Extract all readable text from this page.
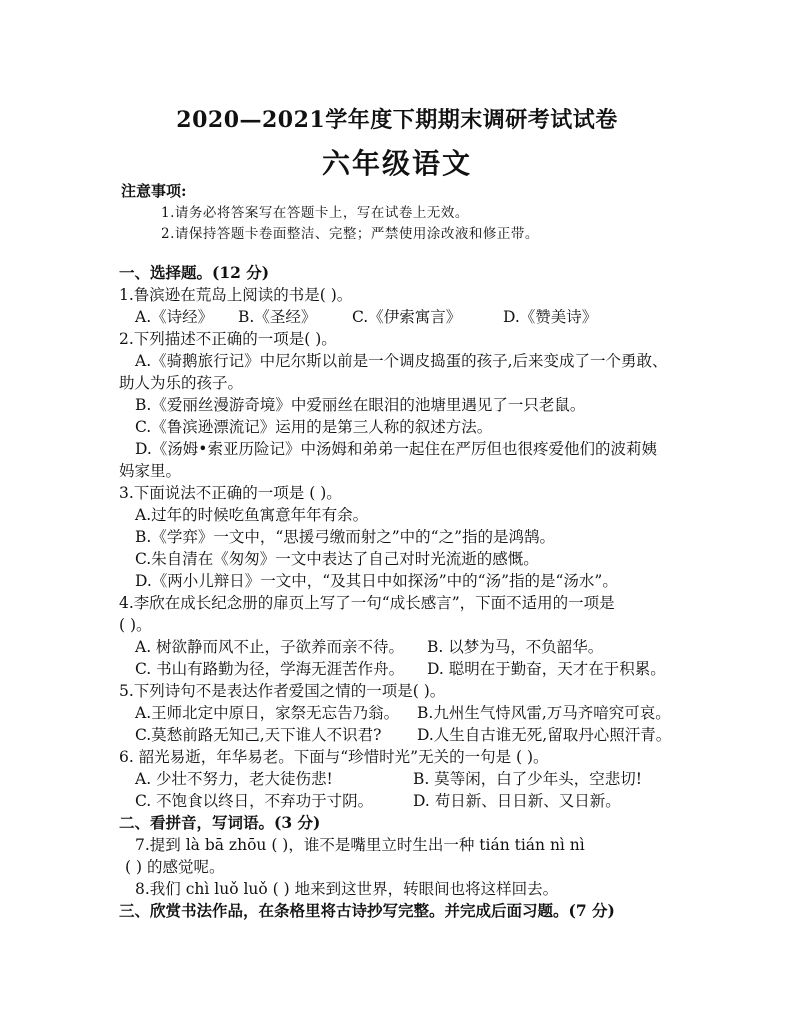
2020—2021学年度下期期末调研考试试卷
六年级语文
注意事项:
1.请务必将答案写在答题卡上，写在试卷上无效。
2.请保持答题卡卷面整洁、完整；严禁使用涂改液和修正带。
一、选择题。(12 分)
1.鲁滨逊在荒岛上阅读的书是( )。
A.《诗经》 B.《圣经》 C.《伊索寓言》	D.《赞美诗》
2.下列描述不正确的一项是( )。
A.《骑鹅旅行记》中尼尔斯以前是一个调皮捣蛋的孩子,后来变成了一个勇敢、
助人为乐的孩子。
B.《爱丽丝漫游奇境》中爱丽丝在眼泪的池塘里遇见了一只老鼠。
C.《鲁滨逊漂流记》运用的是第三人称的叙述方法。
D.《汤姆•索亚历险记》中汤姆和弟弟一起住在严厉但也很疼爱他们的波莉姨
妈家里。
3.下面说法不正确的一项是 ( )。
A.过年的时候吃鱼寓意年年有余。
B.《学弈》一文中，“思援弓缴而射之”中的“之”指的是鸿鹄。
C.朱自清在《匆匆》一文中表达了自己对时光流逝的感慨。
D.《两小儿辩日》一文中，“及其日中如探汤”中的“汤”指的是“汤水”。
4.李欣在成长纪念册的扉页上写了一句“成长感言”，下面不适用的一项是
( )。
A. 树欲静而风不止，子欲养而亲不待。 B. 以梦为马，不负韶华。
C. 书山有路勤为径，学海无涯苦作舟。 D. 聪明在于勤奋，天才在于积累。
5.下列诗句不是表达作者爱国之情的一项是( )。
A.王师北定中原日，家祭无忘告乃翁。 B.九州生气恃风雷,万马齐喑究可哀。
C.莫愁前路无知己,天下谁人不识君? D.人生自古谁无死,留取丹心照汗青。
6. 韶光易逝，年华易老。下面与“珍惜时光”无关的一句是 ( )。
A. 少壮不努力，老大徒伤悲!	B. 莫等闲，白了少年头，空悲切!
C. 不饱食以终日，不弃功于寸阴。	D. 苟日新、日日新、又日新。
二、看拼音，写词语。(3 分)
7.提到 là bā zhōu ( )，谁不是嘴里立时生出一种 tián tián nì nì
( ) 的感觉呢。
8.我们 chì luǒ luǒ ( ) 地来到这世界，转眼间也将这样回去。
三、欣赏书法作品，在条格里将古诗抄写完整。并完成后面习题。(7 分)
